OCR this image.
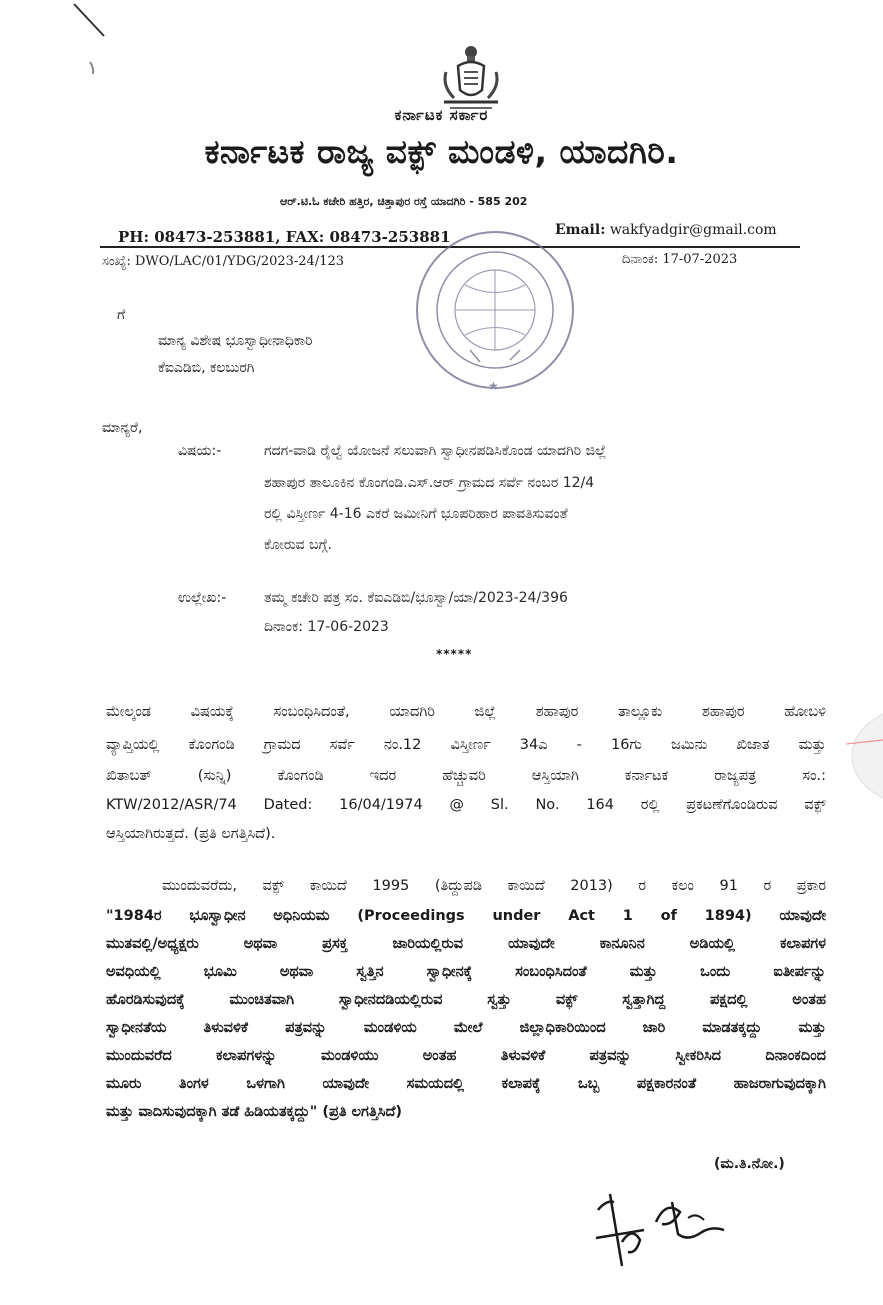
ಕರ್ನಾಟಕ ಸರ್ಕಾರ
ಕರ್ನಾಟಕ ರಾಜ್ಯ ವಕ್ಫ್ ಮಂಡಳಿ, ಯಾದಗಿರಿ.
ಆರ್.ಟಿ.ಓ ಕಚೇರಿ ಹತ್ತಿರ, ಚಿತ್ತಾಪುರ ರಸ್ತೆ ಯಾದಗಿರಿ - 585 202
PH: 08473-253881, FAX: 08473-253881	Email: wakfyadgir@gmail.com
ಸಂಖ್ಯೆ: DWO/LAC/01/YDG/2023-24/123	ದಿನಾಂಕ: 17-07-2023
★
ಗೆ
ಮಾನ್ಯ ವಿಶೇಷ ಭೂಸ್ವಾಧೀನಾಧಿಕಾರಿ
ಕೆಐಎಡಿಬಿ, ಕಲಬುರಗಿ
ಮಾನ್ಯರೆ,
ವಿಷಯ:-	ಗದಗ-ವಾಡಿ ರೈಲ್ವೆ ಯೋಜನೆ ಸಲುವಾಗಿ ಸ್ವಾಧೀನಪಡಿಸಿಕೊಂಡ ಯಾದಗಿರಿ ಜಿಲ್ಲೆ
ಶಹಾಪುರ ತಾಲೂಕಿನ ಕೊಂಗಂಡಿ.ಎಸ್.ಆರ್ ಗ್ರಾಮದ ಸರ್ವೆ ನಂಬರ 12/4
ರಲ್ಲಿ ವಿಸ್ತೀರ್ಣ 4-16 ಎಕರೆ ಜಮೀನಿಗೆ ಭೂಪರಿಹಾರ ಪಾವತಿಸುವಂತೆ
ಕೋರುವ ಬಗ್ಗೆ.
ಉಲ್ಲೇಖ:-	ತಮ್ಮ ಕಚೇರಿ ಪತ್ರ ಸಂ. ಕೆಐಎಡಿಬಿ/ಭೂಸ್ವಾ/ಯಾ/2023-24/396
ದಿನಾಂಕ: 17-06-2023
*****
ಮೇಲ್ಕಂಡ ವಿಷಯಕ್ಕೆ ಸಂಬಂಧಿಸಿದಂತೆ, ಯಾದಗಿರಿ ಜಿಲ್ಲೆ ಶಹಾಪುರ ತಾಲ್ಲೂಕು ಶಹಾಪುರ ಹೋಬಳಿ
ವ್ಯಾಪ್ತಿಯಲ್ಲಿ ಕೊಂಗಂಡಿ ಗ್ರಾಮದ ಸರ್ವೆ ನಂ.12 ವಿಸ್ತೀರ್ಣ 34ಎ - 16ಗು ಜಮಿನು ಖಿಜಾತ ಮತ್ತು
ಖಿತಾಬತ್ (ಸುನ್ನಿ) ಕೊಂಗಂಡಿ ಇದರ ಹೆಚ್ಚುವರಿ ಆಸ್ತಿಯಾಗಿ ಕರ್ನಾಟಕ ರಾಜ್ಯಪತ್ರ ಸಂ.:
KTW/2012/ASR/74 Dated: 16/04/1974 @ Sl. No. 164 ರಲ್ಲಿ ಪ್ರಕಟಣೆಗೊಂಡಿರುವ ವಕ್ಫ್
ಆಸ್ತಿಯಾಗಿರುತ್ತದೆ. (ಪ್ರತಿ ಲಗತ್ತಿಸಿದೆ).
ಮುಂದುವರೆದು, ವಕ್ಫ್ ಕಾಯಿದೆ 1995 (ತಿದ್ದುಪಡಿ ಕಾಯಿದೆ 2013) ರ ಕಲಂ 91 ರ ಪ್ರಕಾರ
"1984ರ ಭೂಸ್ವಾಧೀನ ಅಧಿನಿಯಮ (Proceedings under Act 1 of 1894) ಯಾವುದೇ
ಮುತವಲ್ಲಿ/ಅಧ್ಯಕ್ಷರು ಅಥವಾ ಪ್ರಸಕ್ತ ಜಾರಿಯಲ್ಲಿರುವ ಯಾವುದೇ ಕಾನೂನಿನ ಅಡಿಯಲ್ಲಿ ಕಲಾಪಗಳ
ಅವಧಿಯಲ್ಲಿ ಭೂಮಿ ಅಥವಾ ಸ್ವತ್ತಿನ ಸ್ವಾಧೀನಕ್ಕೆ ಸಂಬಂಧಿಸಿದಂತೆ ಮತ್ತು ಒಂದು ಐತೀರ್ಪನ್ನು
ಹೊರಡಿಸುವುದಕ್ಕೆ ಮುಂಚಿತವಾಗಿ ಸ್ವಾಧೀನದಡಿಯಲ್ಲಿರುವ ಸ್ವತ್ತು ವಕ್ಫ್ ಸ್ವತ್ತಾಗಿದ್ದ ಪಕ್ಷದಲ್ಲಿ ಅಂತಹ
ಸ್ವಾಧೀನತೆಯ ತಿಳುವಳಿಕೆ ಪತ್ರವನ್ನು ಮಂಡಳಿಯ ಮೇಲೆ ಜಿಲ್ಲಾಧಿಕಾರಿಯಿಂದ ಜಾರಿ ಮಾಡತಕ್ಕದ್ದು ಮತ್ತು
ಮುಂದುವರೆದ ಕಲಾಪಗಳನ್ನು ಮಂಡಳಿಯು ಅಂತಹ ತಿಳುವಳಿಕೆ ಪತ್ರವನ್ನು ಸ್ವೀಕರಿಸಿದ ದಿನಾಂಕದಿಂದ
ಮೂರು ತಿಂಗಳ ಒಳಗಾಗಿ ಯಾವುದೇ ಸಮಯದಲ್ಲಿ ಕಲಾಪಕ್ಕೆ ಒಬ್ಬ ಪಕ್ಷಕಾರನಂತೆ ಹಾಜರಾಗುವುದಕ್ಕಾಗಿ
ಮತ್ತು ವಾದಿಸುವುದಕ್ಕಾಗಿ ತಡೆ ಹಿಡಿಯತಕ್ಕದ್ದು" (ಪ್ರತಿ ಲಗತ್ತಿಸಿದೆ)
(ಮ.ತಿ.ನೋ.)
